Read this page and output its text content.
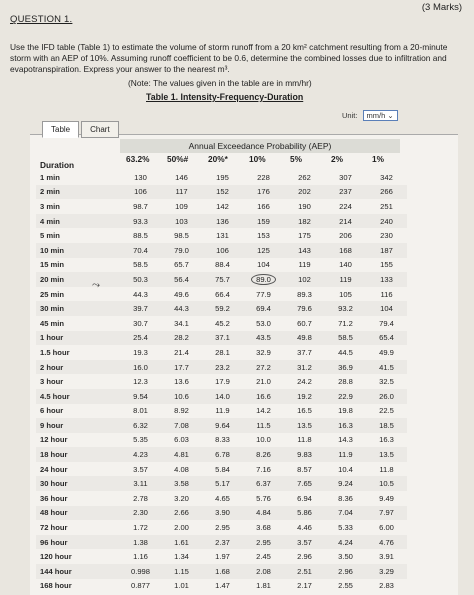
(3 Marks)
QUESTION 1.
Use the IFD table (Table 1) to estimate the volume of storm runoff from a 20 km² catchment resulting from a 20-minute storm with an AEP of 10%. Assuming runoff coefficient to be 0.6, determine the combined losses due to infiltration and evapotranspiration. Express your answer to the nearest m³.
(Note: The values given in the table are in mm/hr)
Table 1. Intensity-Frequency-Duration
Unit: mm/h ⌄
Table	Chart
Annual Exceedance Probability (AEP)
Duration
63.2% 50%# 20%*	10%	5%	2%	1%
1 min	130	146	195	228	262	307	342
2 min	106	117	152	176	202	237	266
3 min	98.7	109	142	166	190	224	251
4 min	93.3	103	136	159	182	214	240
5 min	88.5	98.5	131	153	175	206	230
10 min	70.4	79.0	106	125	143	168	187
15 min	58.5	65.7	88.4	104	119	140	155
20 min	50.3	56.4	75.7	89.0	102	119	133
25 min	44.3	49.6	66.4	77.9	89.3	105	116
30 min	39.7	44.3	59.2	69.4	79.6	93.2	104
45 min	30.7	34.1	45.2	53.0	60.7	71.2	79.4
1 hour	25.4	28.2	37.1	43.5	49.8	58.5	65.4
1.5 hour	19.3	21.4	28.1	32.9	37.7	44.5	49.9
2 hour	16.0	17.7	23.2	27.2	31.2	36.9	41.5
3 hour	12.3	13.6	17.9	21.0	24.2	28.8	32.5
4.5 hour	9.54	10.6	14.0	16.6	19.2	22.9	26.0
6 hour	8.01	8.92	11.9	14.2	16.5	19.8	22.5
9 hour	6.32	7.08	9.64	11.5	13.5	16.3	18.5
12 hour	5.35	6.03	8.33	10.0	11.8	14.3	16.3
18 hour	4.23	4.81	6.78	8.26	9.83	11.9	13.5
24 hour	3.57	4.08	5.84	7.16	8.57	10.4	11.8
30 hour	3.11	3.58	5.17	6.37	7.65	9.24	10.5
36 hour	2.78	3.20	4.65	5.76	6.94	8.36	9.49
48 hour	2.30	2.66	3.90	4.84	5.86	7.04	7.97
72 hour	1.72	2.00	2.95	3.68	4.46	5.33	6.00
96 hour	1.38	1.61	2.37	2.95	3.57	4.24	4.76
120 hour	1.16	1.34	1.97	2.45	2.96	3.50	3.91
144 hour	0.998	1.15	1.68	2.08	2.51	2.96	3.29
168 hour	0.877	1.01	1.47	1.81	2.17	2.55	2.83
⤳
